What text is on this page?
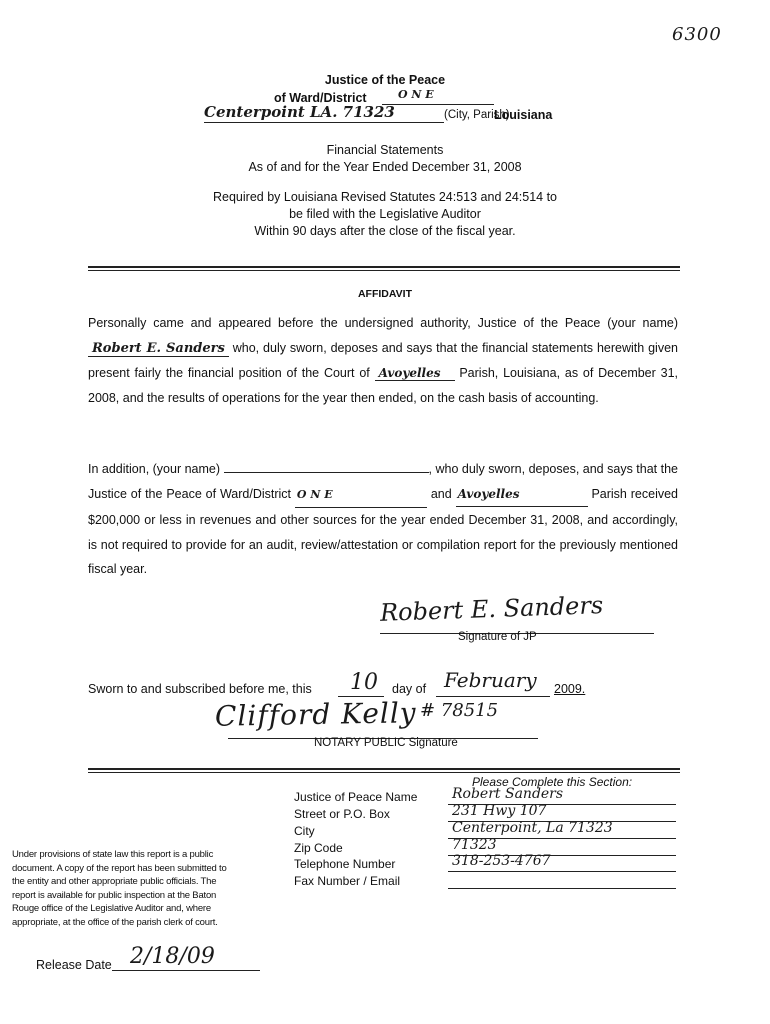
6300
Justice of the Peace
of Ward/District	O N E
Centerpoint LA. 71323	(City, Parish)
Louisiana
Financial Statements
As of and for the Year Ended December 31, 2008
Required by Louisiana Revised Statutes 24:513 and 24:514 to
be filed with the Legislative Auditor
Within 90 days after the close of the fiscal year.
AFFIDAVIT
Personally came and appeared before the undersigned authority, Justice of the Peace (your name) Robert E. Sanders who, duly sworn, deposes and says that the financial statements herewith given present fairly the financial position of the Court of Avoyelles Parish, Louisiana, as of December 31, 2008, and the results of operations for the year then ended, on the cash basis of accounting.
In addition, (your name)	, who duly sworn, deposes, and says that the Justice of the Peace of Ward/District O N E	and Avoyelles	Parish received $200,000 or less in revenues and other sources for the year ended December 31, 2008, and accordingly, is not required to provide for an audit, review/attestation or compilation report for the previously mentioned fiscal year.
Robert E. Sanders
Signature of JP
Sworn to and subscribed before me, this 10 day of February 2009.
Clifford Kelly # 78515
NOTARY PUBLIC Signature
Please Complete this Section:
Justice of Peace Name Robert Sanders
Street or P.O. Box	231 Hwy 107
City	Centerpoint, La 71323
Zip Code	71323
Telephone Number	318-253-4767
Fax Number / Email
Under provisions of state law this report is a public
document. A copy of the report has been submitted to
the entity and other appropriate public officials. The
report is available for public inspection at the Baton
Rouge office of the Legislative Auditor and, where
appropriate, at the office of the parish clerk of court.
Release Date 2/18/09
